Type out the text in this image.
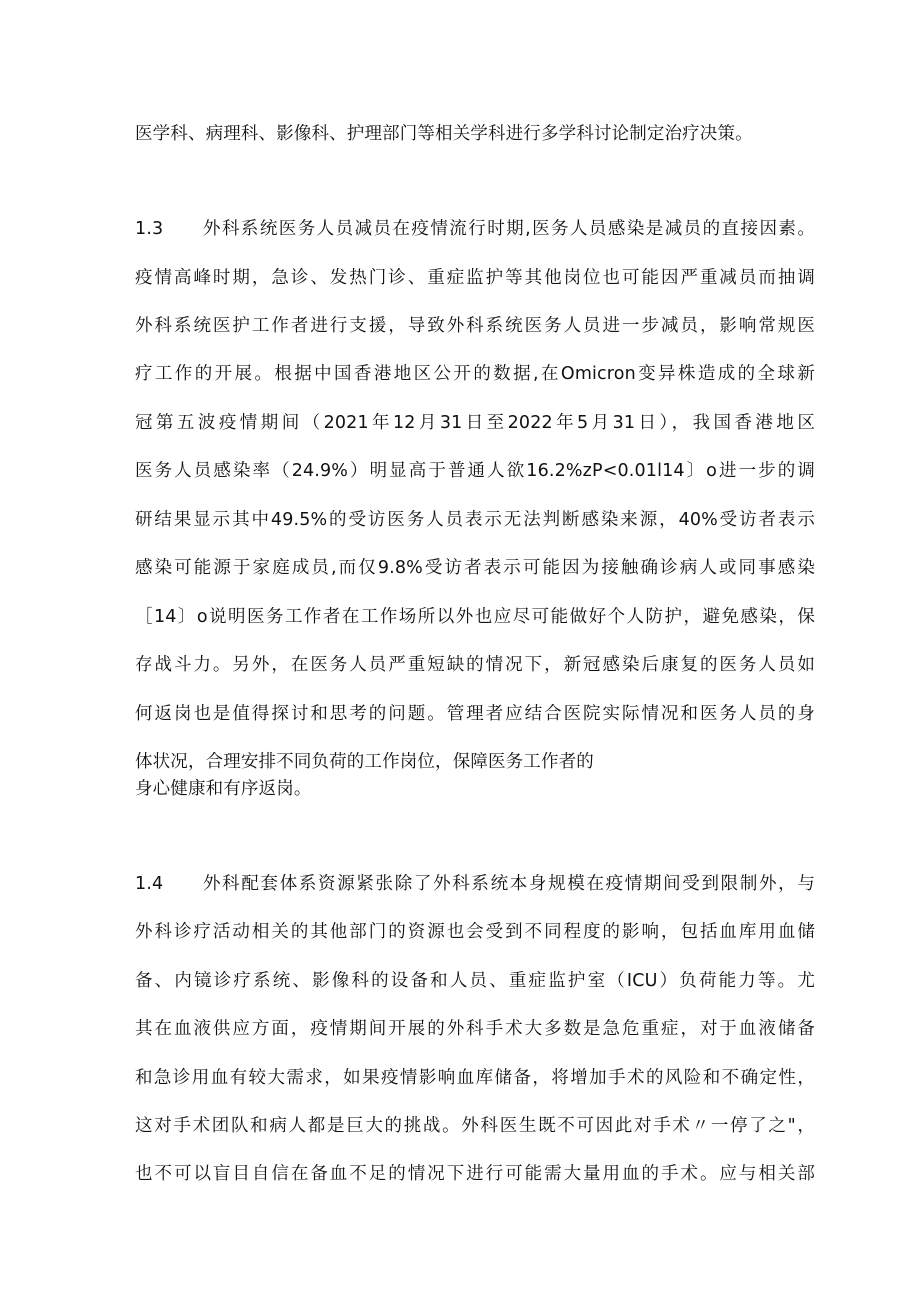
医学科、病理科、影像科、护理部门等相关学科进行多学科讨论制定治疗决策。
1.3	外科系统医务人员减员在疫情流行时期,医务人员感染是减员的直接因素。
疫情高峰时期，急诊、发热门诊、重症监护等其他岗位也可能因严重减员而抽调
外科系统医护工作者进行支援，导致外科系统医务人员进一步减员，影响常规医
疗工作的开展。根据中国香港地区公开的数据,在Omicron变异株造成的全球新
冠第五波疫情期间（2021年12月31日至2022年5月31日），我国香港地区
医务人员感染率（24.9%）明显高于普通人欲16.2%zP<0.01l14〕o进一步的调
研结果显示其中49.5%的受访医务人员表示无法判断感染来源，40%受访者表示
感染可能源于家庭成员,而仅9.8%受访者表示可能因为接触确诊病人或同事感染
［14〕o说明医务工作者在工作场所以外也应尽可能做好个人防护，避免感染，保
存战斗力。另外，在医务人员严重短缺的情况下，新冠感染后康复的医务人员如
何返岗也是值得探讨和思考的问题。管理者应结合医院实际情况和医务人员的身
体状况，合理安排不同负荷的工作岗位，保障医务工作者的
身心健康和有序返岗。
1.4	外科配套体系资源紧张除了外科系统本身规模在疫情期间受到限制外，与
外科诊疗活动相关的其他部门的资源也会受到不同程度的影响，包括血库用血储
备、内镜诊疗系统、影像科的设备和人员、重症监护室（ICU）负荷能力等。尤
其在血液供应方面，疫情期间开展的外科手术大多数是急危重症，对于血液储备
和急诊用血有较大需求，如果疫情影响血库储备，将增加手术的风险和不确定性，
这对手术团队和病人都是巨大的挑战。外科医生既不可因此对手术〃一停了之"，
也不可以盲目自信在备血不足的情况下进行可能需大量用血的手术。应与相关部
